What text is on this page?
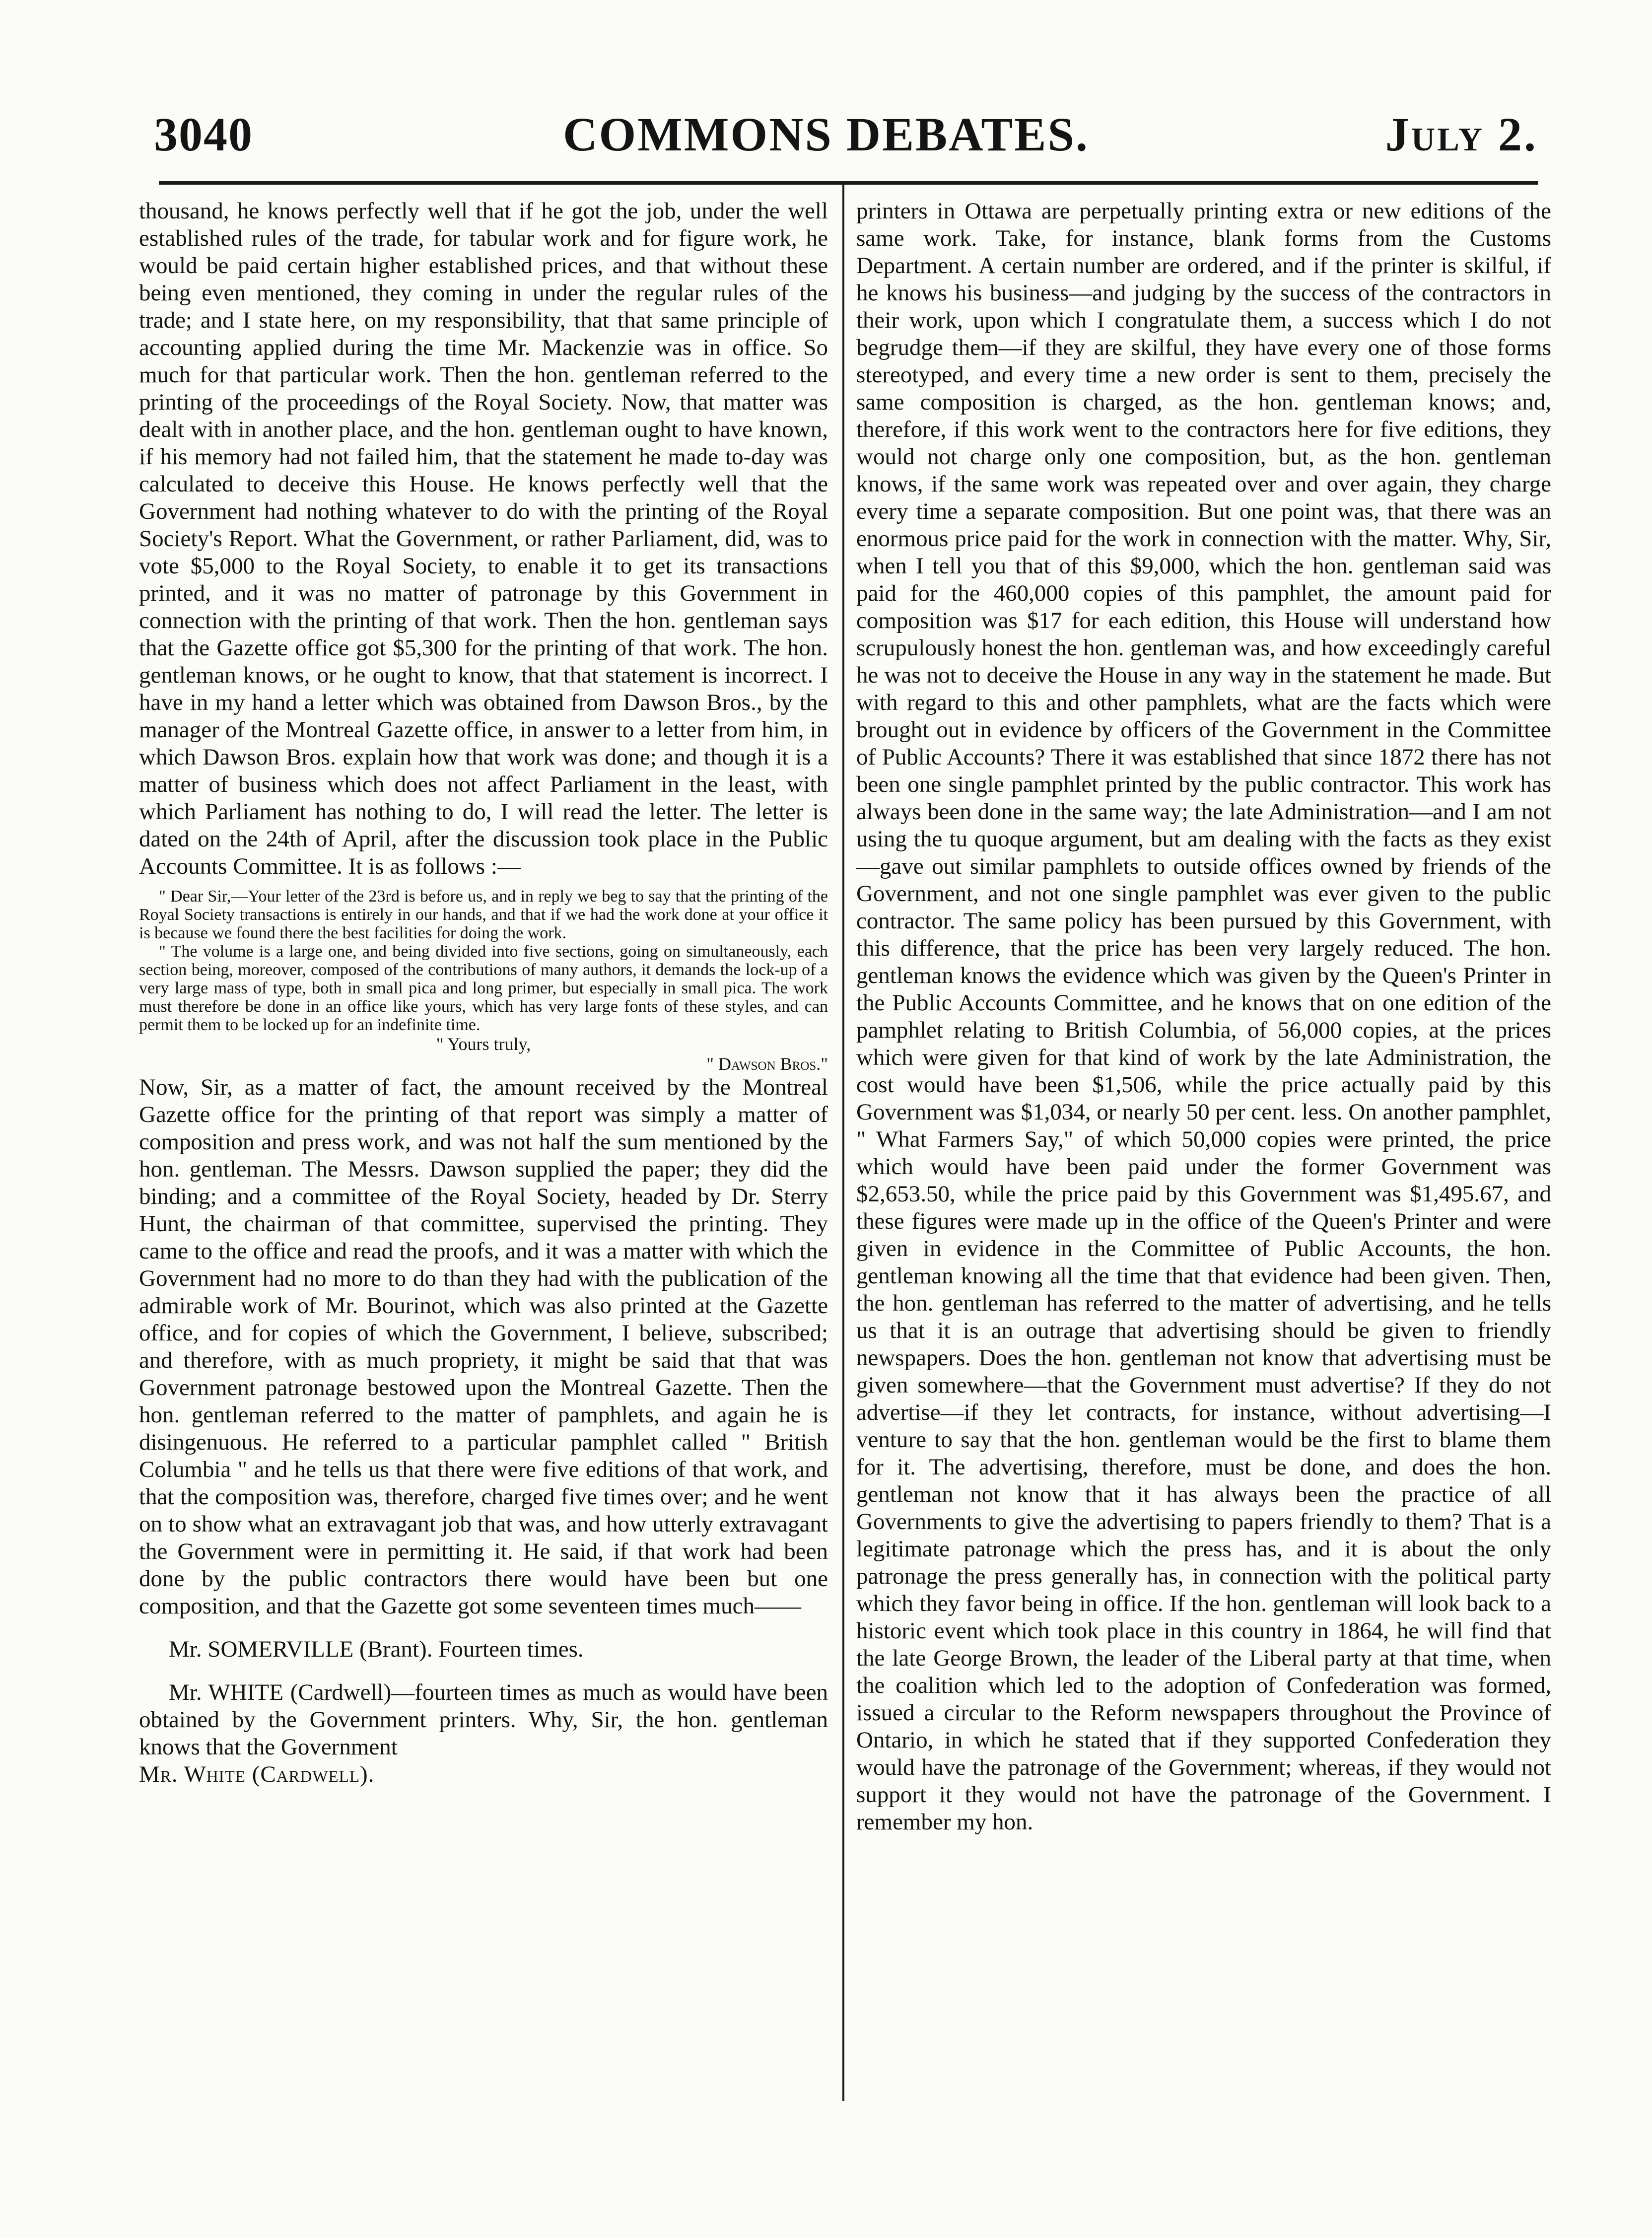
3040	COMMONS DEBATES.	July 2.

thousand, he knows perfectly well that if he got the job, under the well established rules of the trade, for tabular work and for figure work, he would be paid certain higher established prices, and that without these being even mentioned, they coming in under the regular rules of the trade; and I state here, on my responsibility, that that same principle of accounting applied during the time Mr. Mackenzie was in office. So much for that particular work. Then the hon. gentleman referred to the printing of the proceedings of the Royal Society. Now, that matter was dealt with in another place, and the hon. gentleman ought to have known, if his memory had not failed him, that the statement he made to-day was calculated to deceive this House. He knows perfectly well that the Government had nothing whatever to do with the printing of the Royal Society's Report. What the Government, or rather Parliament, did, was to vote $5,000 to the Royal Society, to enable it to get its transactions printed, and it was no matter of patronage by this Government in connection with the printing of that work. Then the hon. gentleman says that the Gazette office got $5,300 for the printing of that work. The hon. gentleman knows, or he ought to know, that that statement is incorrect. I have in my hand a letter which was obtained from Dawson Bros., by the manager of the Montreal Gazette office, in answer to a letter from him, in which Dawson Bros. explain how that work was done; and though it is a matter of business which does not affect Parliament in the least, with which Parliament has nothing to do, I will read the letter. The letter is dated on the 24th of April, after the discussion took place in the Public Accounts Committee. It is as follows :—

" Dear Sir,—Your letter of the 23rd is before us, and in reply we beg to say that the printing of the Royal Society transactions is entirely in our hands, and that if we had the work done at your office it is because we found there the best facilities for doing the work.

" The volume is a large one, and being divided into five sections, going on simultaneously, each section being, moreover, composed of the contributions of many authors, it demands the lock-up of a very large mass of type, both in small pica and long primer, but especially in small pica. The work must therefore be done in an office like yours, which has very large fonts of these styles, and can permit them to be locked up for an indefinite time.

" Yours truly,

" Dawson Bros."

Now, Sir, as a matter of fact, the amount received by the Montreal Gazette office for the printing of that report was simply a matter of composition and press work, and was not half the sum mentioned by the hon. gentleman. The Messrs. Dawson supplied the paper; they did the binding; and a committee of the Royal Society, headed by Dr. Sterry Hunt, the chairman of that committee, supervised the printing. They came to the office and read the proofs, and it was a matter with which the Government had no more to do than they had with the publication of the admirable work of Mr. Bourinot, which was also printed at the Gazette office, and for copies of which the Government, I believe, subscribed; and therefore, with as much propriety, it might be said that that was Government patronage bestowed upon the Montreal Gazette. Then the hon. gentleman referred to the matter of pamphlets, and again he is disingenuous. He referred to a particular pamphlet called " British Columbia " and he tells us that there were five editions of that work, and that the composition was, therefore, charged five times over; and he went on to show what an extravagant job that was, and how utterly extravagant the Government were in permitting it. He said, if that work had been done by the public contractors there would have been but one composition, and that the Gazette got some seventeen times much——

Mr. SOMERVILLE (Brant). Fourteen times.

Mr. WHITE (Cardwell)—fourteen times as much as would have been obtained by the Government printers. Why, Sir, the hon. gentleman knows that the Government

Mr. White (Cardwell).

printers in Ottawa are perpetually printing extra or new editions of the same work. Take, for instance, blank forms from the Customs Department. A certain number are ordered, and if the printer is skilful, if he knows his business—and judging by the success of the contractors in their work, upon which I congratulate them, a success which I do not begrudge them—if they are skilful, they have every one of those forms stereotyped, and every time a new order is sent to them, precisely the same composition is charged, as the hon. gentleman knows; and, therefore, if this work went to the contractors here for five editions, they would not charge only one composition, but, as the hon. gentleman knows, if the same work was repeated over and over again, they charge every time a separate composition. But one point was, that there was an enormous price paid for the work in connection with the matter. Why, Sir, when I tell you that of this $9,000, which the hon. gentleman said was paid for the 460,000 copies of this pamphlet, the amount paid for composition was $17 for each edition, this House will understand how scrupulously honest the hon. gentleman was, and how exceedingly careful he was not to deceive the House in any way in the statement he made. But with regard to this and other pamphlets, what are the facts which were brought out in evidence by officers of the Government in the Committee of Public Accounts? There it was established that since 1872 there has not been one single pamphlet printed by the public contractor. This work has always been done in the same way; the late Administration—and I am not using the tu quoque argument, but am dealing with the facts as they exist—gave out similar pamphlets to outside offices owned by friends of the Government, and not one single pamphlet was ever given to the public contractor. The same policy has been pursued by this Government, with this difference, that the price has been very largely reduced. The hon. gentleman knows the evidence which was given by the Queen's Printer in the Public Accounts Committee, and he knows that on one edition of the pamphlet relating to British Columbia, of 56,000 copies, at the prices which were given for that kind of work by the late Administration, the cost would have been $1,506, while the price actually paid by this Government was $1,034, or nearly 50 per cent. less. On another pamphlet, " What Farmers Say," of which 50,000 copies were printed, the price which would have been paid under the former Government was $2,653.50, while the price paid by this Government was $1,495.67, and these figures were made up in the office of the Queen's Printer and were given in evidence in the Committee of Public Accounts, the hon. gentleman knowing all the time that that evidence had been given. Then, the hon. gentleman has referred to the matter of advertising, and he tells us that it is an outrage that advertising should be given to friendly newspapers. Does the hon. gentleman not know that advertising must be given somewhere—that the Government must advertise? If they do not advertise—if they let contracts, for instance, without advertising—I venture to say that the hon. gentleman would be the first to blame them for it. The advertising, therefore, must be done, and does the hon. gentleman not know that it has always been the practice of all Governments to give the advertising to papers friendly to them? That is a legitimate patronage which the press has, and it is about the only patronage the press generally has, in connection with the political party which they favor being in office. If the hon. gentleman will look back to a historic event which took place in this country in 1864, he will find that the late George Brown, the leader of the Liberal party at that time, when the coalition which led to the adoption of Confederation was formed, issued a circular to the Reform newspapers throughout the Province of Ontario, in which he stated that if they supported Confederation they would have the patronage of the Government; whereas, if they would not support it they would not have the patronage of the Government. I remember my hon.
